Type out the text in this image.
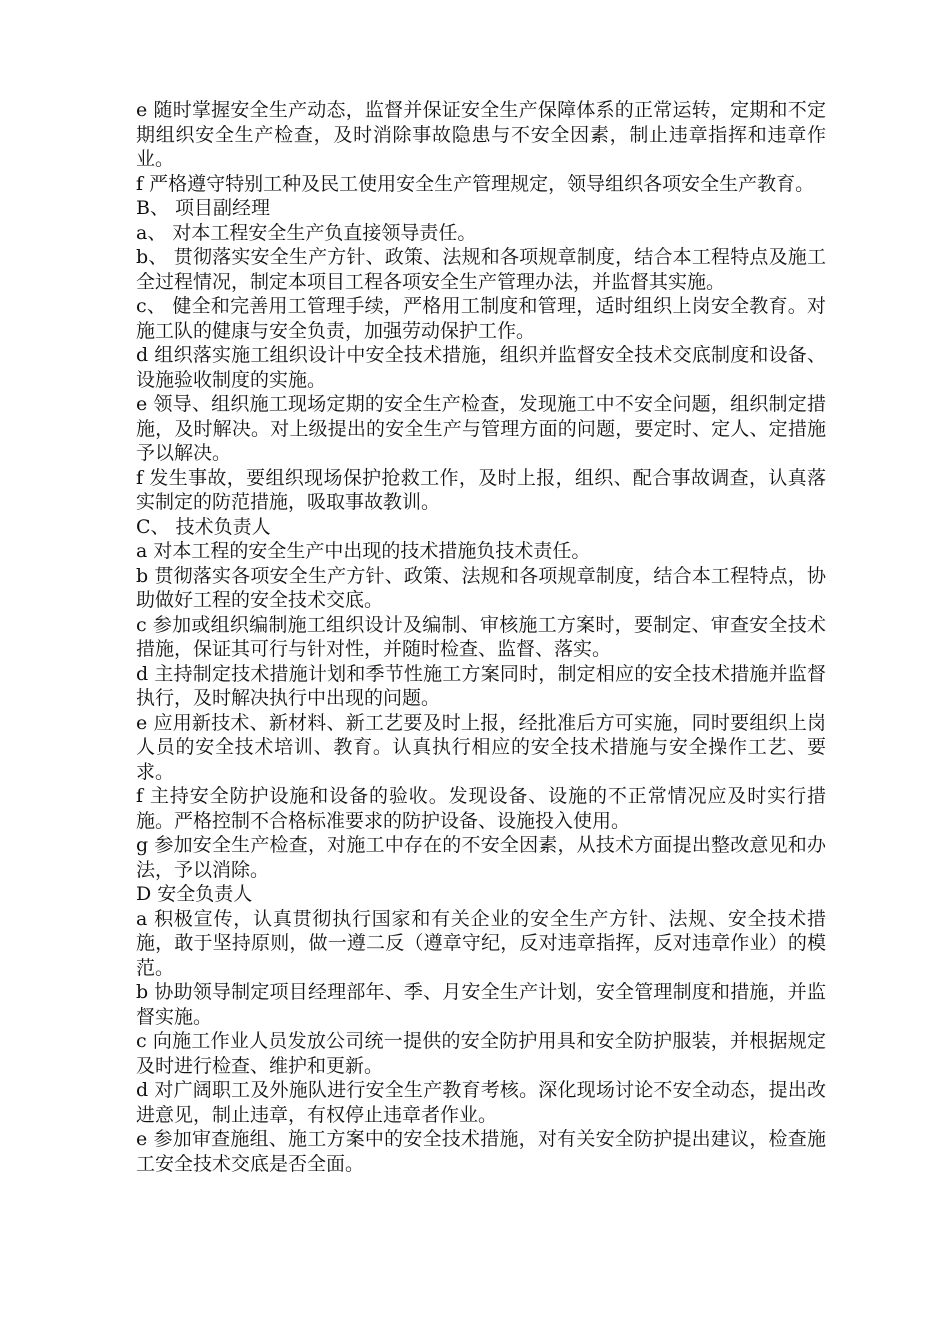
e 随时掌握安全生产动态，监督并保证安全生产保障体系的正常运转，定期和不定期组织安全生产检查，及时消除事故隐患与不安全因素，制止违章指挥和违章作业。

f 严格遵守特别工种及民工使用安全生产管理规定，领导组织各项安全生产教育。

B、 项目副经理

a、 对本工程安全生产负直接领导责任。

b、 贯彻落实安全生产方针、政策、法规和各项规章制度，结合本工程特点及施工全过程情况，制定本项目工程各项安全生产管理办法，并监督其实施。

c、 健全和完善用工管理手续，严格用工制度和管理，适时组织上岗安全教育。对施工队的健康与安全负责，加强劳动保护工作。

d 组织落实施工组织设计中安全技术措施，组织并监督安全技术交底制度和设备、设施验收制度的实施。

e 领导、组织施工现场定期的安全生产检查，发现施工中不安全问题，组织制定措施，及时解决。对上级提出的安全生产与管理方面的问题，要定时、定人、定措施予以解决。

f 发生事故，要组织现场保护抢救工作，及时上报，组织、配合事故调查，认真落实制定的防范措施，吸取事故教训。

C、 技术负责人

a 对本工程的安全生产中出现的技术措施负技术责任。

b 贯彻落实各项安全生产方针、政策、法规和各项规章制度，结合本工程特点，协助做好工程的安全技术交底。

c 参加或组织编制施工组织设计及编制、审核施工方案时，要制定、审查安全技术措施，保证其可行与针对性，并随时检查、监督、落实。

d 主持制定技术措施计划和季节性施工方案同时，制定相应的安全技术措施并监督执行，及时解决执行中出现的问题。

e 应用新技术、新材料、新工艺要及时上报，经批准后方可实施，同时要组织上岗人员的安全技术培训、教育。认真执行相应的安全技术措施与安全操作工艺、要求。

f 主持安全防护设施和设备的验收。发现设备、设施的不正常情况应及时实行措施。严格控制不合格标准要求的防护设备、设施投入使用。

g 参加安全生产检查，对施工中存在的不安全因素，从技术方面提出整改意见和办法，予以消除。

D 安全负责人

a 积极宣传，认真贯彻执行国家和有关企业的安全生产方针、法规、安全技术措施，敢于坚持原则，做一遵二反（遵章守纪，反对违章指挥，反对违章作业）的模范。

b 协助领导制定项目经理部年、季、月安全生产计划，安全管理制度和措施，并监督实施。

c 向施工作业人员发放公司统一提供的安全防护用具和安全防护服装，并根据规定及时进行检查、维护和更新。

d 对广阔职工及外施队进行安全生产教育考核。深化现场讨论不安全动态，提出改进意见，制止违章，有权停止违章者作业。

e 参加审查施组、施工方案中的安全技术措施，对有关安全防护提出建议，检查施工安全技术交底是否全面。
